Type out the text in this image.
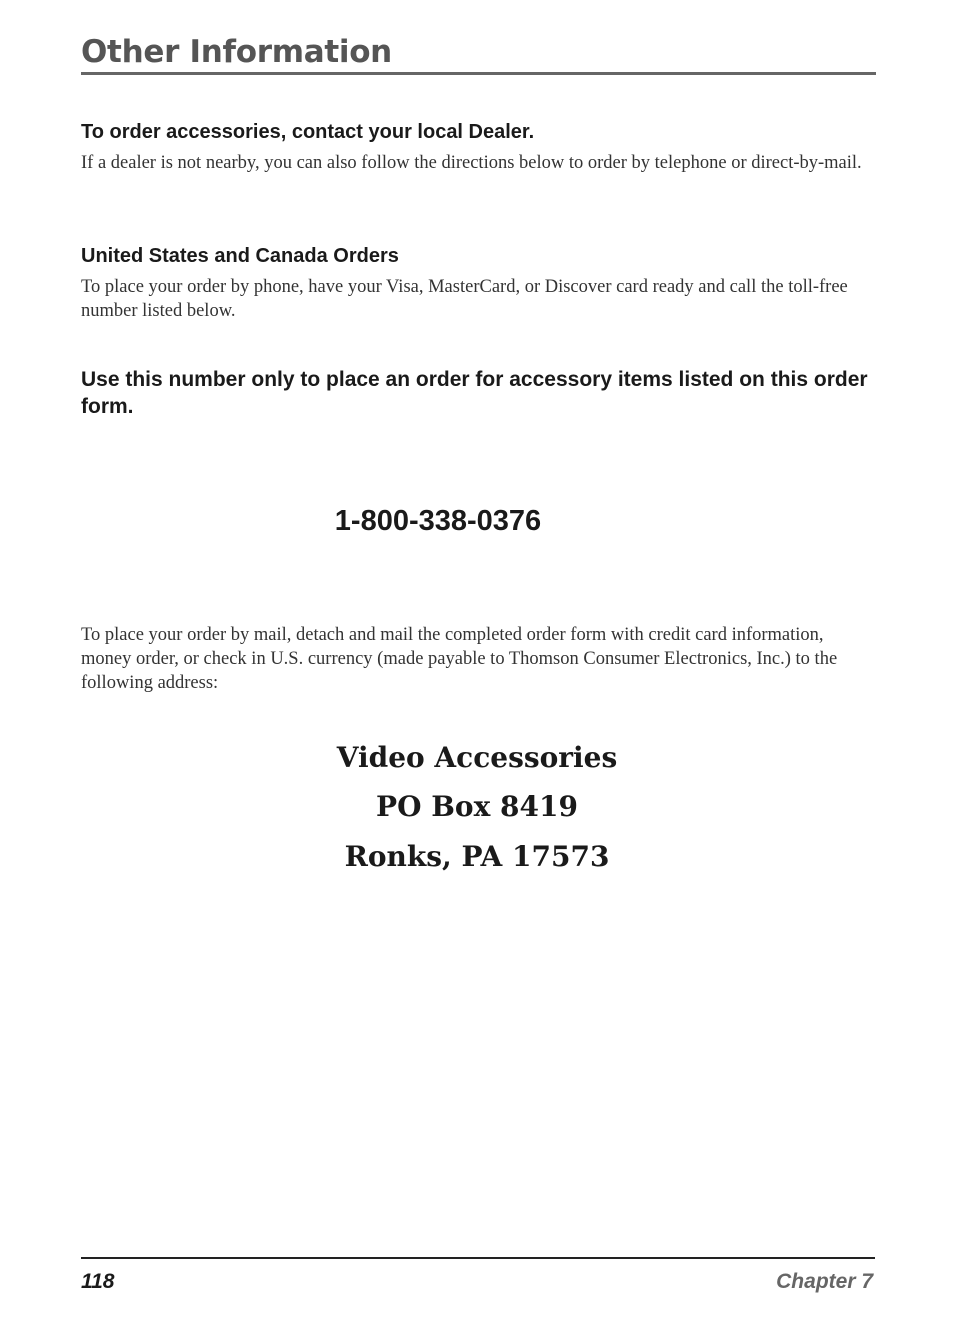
Other Information
To order accessories, contact your local Dealer.

If a dealer is not nearby, you can also follow the directions below to order by telephone or direct-by-mail.

United States and Canada Orders

To place your order by phone, have your Visa, MasterCard, or Discover card ready and call the toll-free number listed below.

Use this number only to place an order for accessory items listed on this order form.

1-800-338-0376

To place your order by mail, detach and mail the completed order form with credit card information, money order, or check in U.S. currency (made payable to Thomson Consumer Electronics, Inc.) to the following address:

Video Accessories

PO Box 8419

Ronks, PA 17573

118	Chapter 7
